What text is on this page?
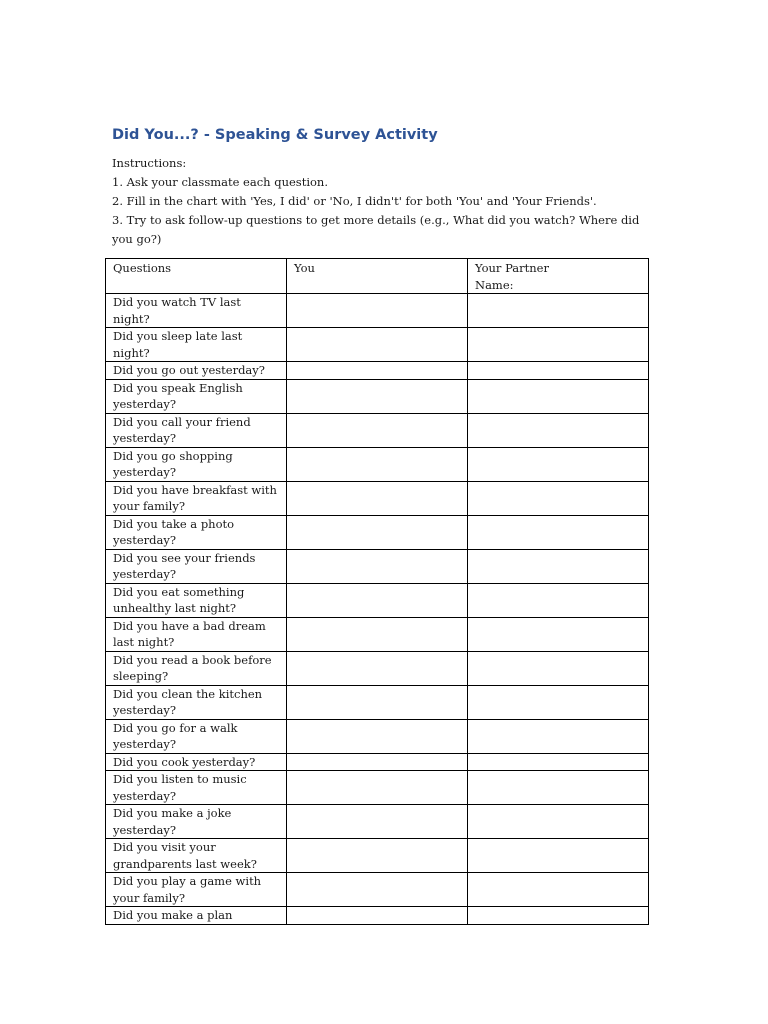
Did You...? - Speaking & Survey Activity

Instructions:
1. Ask your classmate each question.
2. Fill in the chart with 'Yes, I did' or 'No, I didn't' for both 'You' and 'Your Friends'.
3. Try to ask follow-up questions to get more details (e.g., What did you watch? Where did
you go?)

Questions	You	Your Partner
Name:

Did you watch TV last night?		
Did you sleep late last night?		
Did you go out yesterday?		
Did you speak English yesterday?		
Did you call your friend yesterday?		
Did you go shopping yesterday?		
Did you have breakfast with your family?		
Did you take a photo yesterday?		
Did you see your friends yesterday?		
Did you eat something unhealthy last night?		
Did you have a bad dream last night?		
Did you read a book before sleeping?		
Did you clean the kitchen yesterday?		
Did you go for a walk yesterday?		
Did you cook yesterday?		
Did you listen to music yesterday?		
Did you make a joke yesterday?		
Did you visit your grandparents last week?		
Did you play a game with your family?		
Did you make a plan		
